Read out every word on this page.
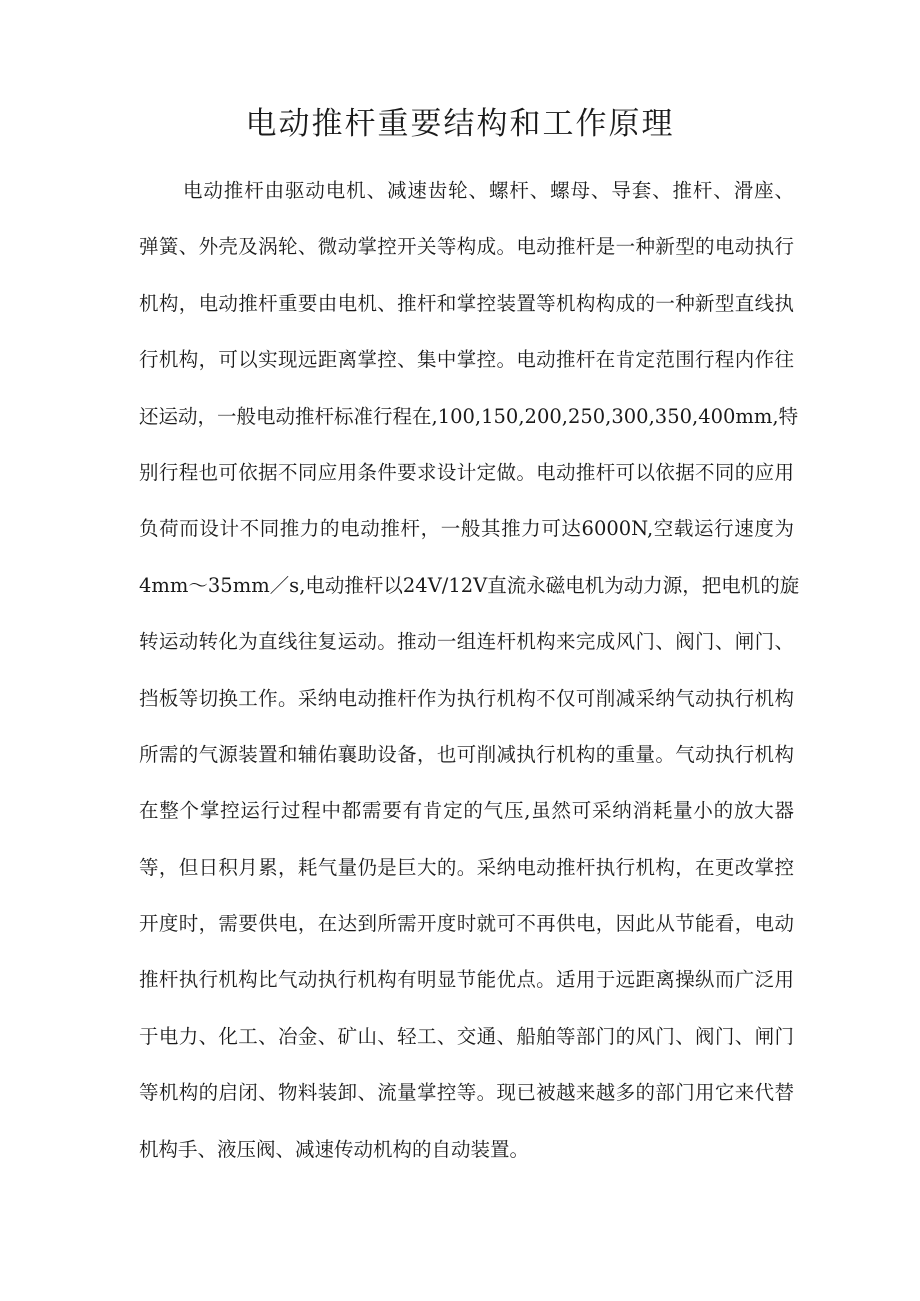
电动推杆重要结构和工作原理
电动推杆由驱动电机、减速齿轮、螺杆、螺母、导套、推杆、滑座、
弹簧、外壳及涡轮、微动掌控开关等构成。电动推杆是一种新型的电动执行
机构，电动推杆重要由电机、推杆和掌控装置等机构构成的一种新型直线执
行机构，可以实现远距离掌控、集中掌控。电动推杆在肯定范围行程内作往
还运动，一般电动推杆标准行程在,100,150,200,250,300,350,400mm,特
别行程也可依据不同应用条件要求设计定做。电动推杆可以依据不同的应用
负荷而设计不同推力的电动推杆，一般其推力可达6000N,空载运行速度为
4mm～35mm／s,电动推杆以24V/12V直流永磁电机为动力源，把电机的旋
转运动转化为直线往复运动。推动一组连杆机构来完成风门、阀门、闸门、
挡板等切换工作。采纳电动推杆作为执行机构不仅可削减采纳气动执行机构
所需的气源装置和辅佑襄助设备，也可削减执行机构的重量。气动执行机构
在整个掌控运行过程中都需要有肯定的气压,虽然可采纳消耗量小的放大器
等，但日积月累，耗气量仍是巨大的。采纳电动推杆执行机构，在更改掌控
开度时，需要供电，在达到所需开度时就可不再供电，因此从节能看，电动
推杆执行机构比气动执行机构有明显节能优点。适用于远距离操纵而广泛用
于电力、化工、冶金、矿山、轻工、交通、船舶等部门的风门、阀门、闸门
等机构的启闭、物料装卸、流量掌控等。现已被越来越多的部门用它来代替
机构手、液压阀、减速传动机构的自动装置。
